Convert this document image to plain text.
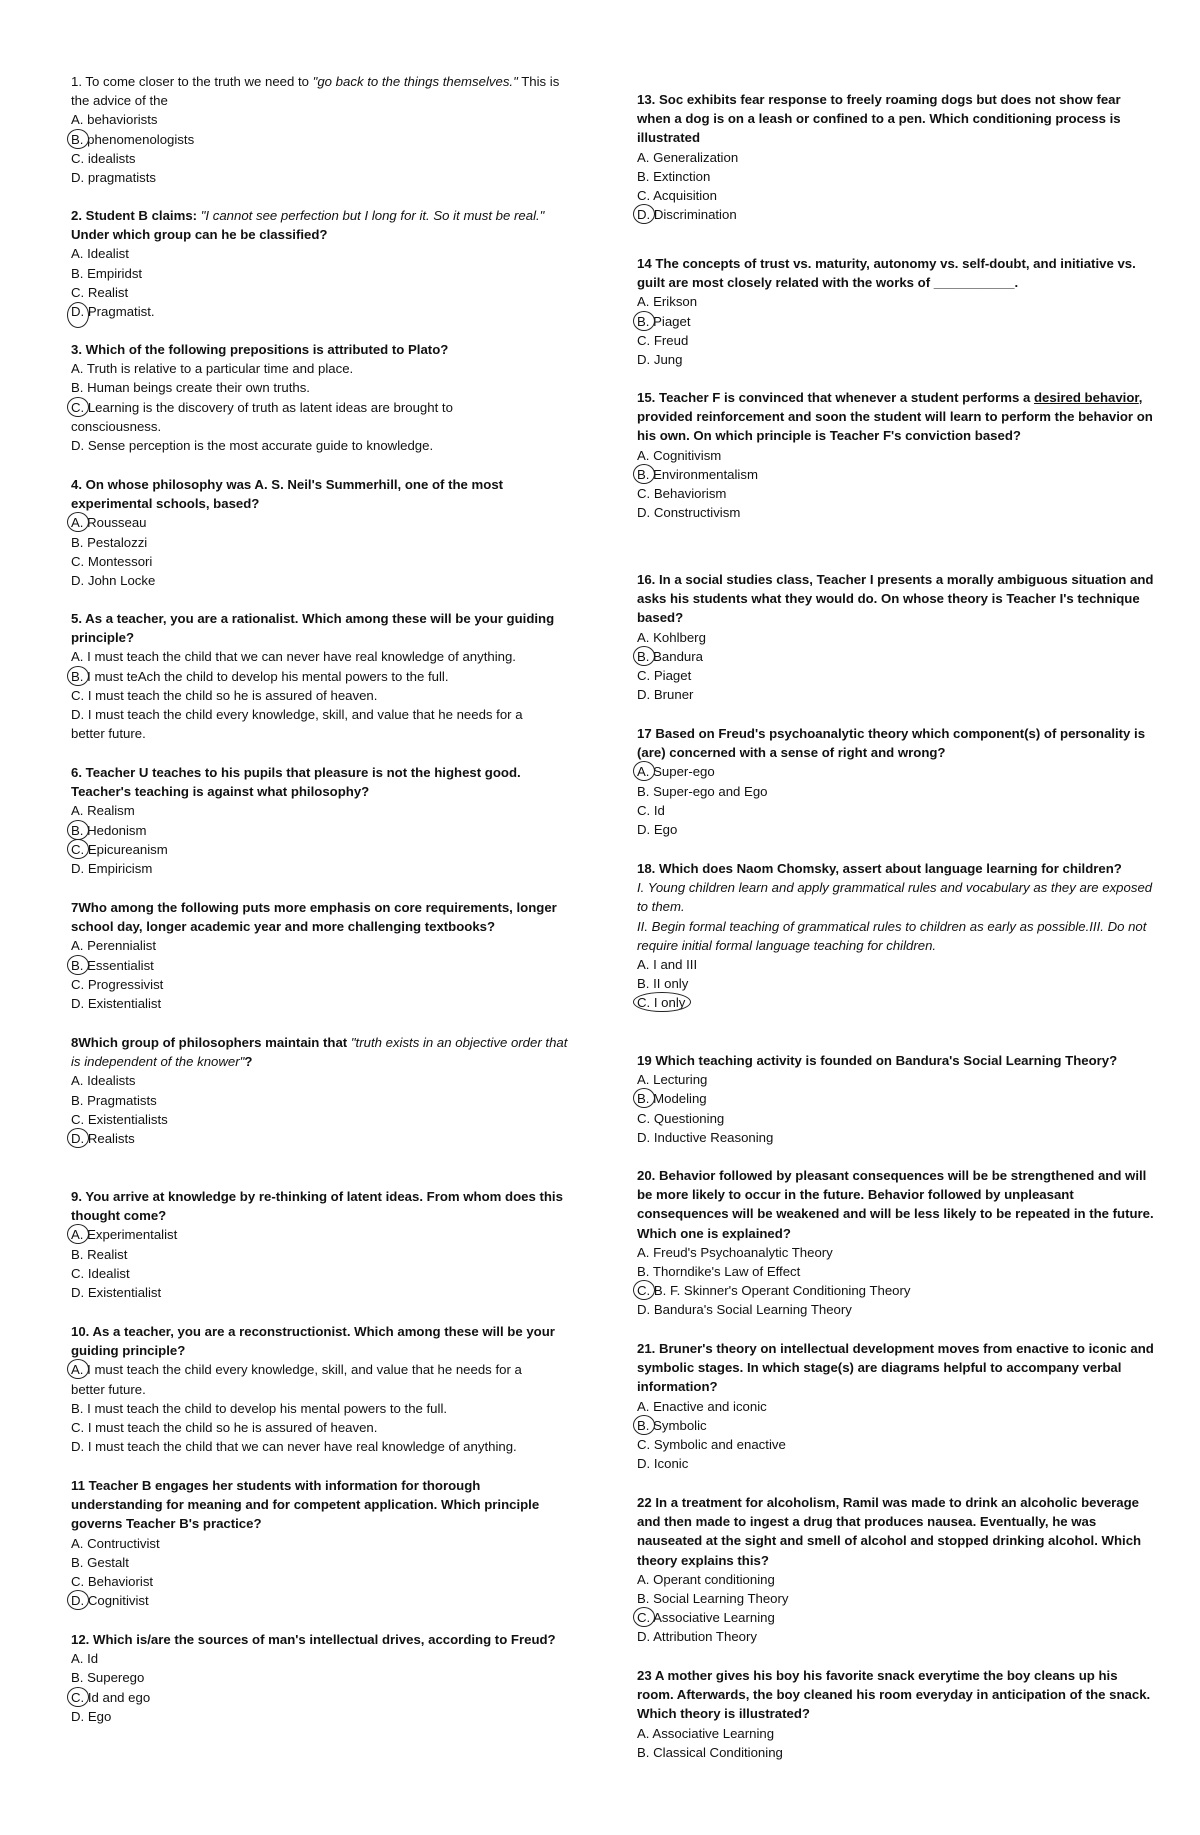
1. To come closer to the truth we need to "go back to the things themselves." This is the advice of the
A. behaviorists
B. phenomenologists
C. idealists
D. pragmatists
2. Student B claims: "I cannot see perfection but I long for it. So it must be real." Under which group can he be classified?
A. Idealist
B. Empiridst
C. Realist
D. Pragmatist.
3. Which of the following prepositions is attributed to Plato?
A. Truth is relative to a particular time and place.
B. Human beings create their own truths.
C. Learning is the discovery of truth as latent ideas are brought to
consciousness.
D. Sense perception is the most accurate guide to knowledge.
4. On whose philosophy was A. S. Neil's Summerhill, one of the most experimental schools, based?
A. Rousseau
B. Pestalozzi
C. Montessori
D. John Locke
5. As a teacher, you are a rationalist. Which among these will be your guiding principle?
A. I must teach the child that we can never have real knowledge of anything.
B. I must teAch the child to develop his mental powers to the full.
C. I must teach the child so he is assured of heaven.
D. I must teach the child every knowledge, skill, and value that he needs for a
better future.
6. Teacher U teaches to his pupils that pleasure is not the highest good. Teacher's teaching is against what philosophy?
A. Realism
B. Hedonism
C. Epicureanism
D. Empiricism
7Who among the following puts more emphasis on core requirements, longer school day, longer academic year and more challenging textbooks?
A. Perennialist
B. Essentialist
C. Progressivist
D. Existentialist
8Which group of philosophers maintain that "truth exists in an objective order that is independent of the knower"?
A. Idealists
B. Pragmatists
C. Existentialists
D. Realists
9. You arrive at knowledge by re-thinking of latent ideas. From whom does this thought come?
A. Experimentalist
B. Realist
C. Idealist
D. Existentialist
10. As a teacher, you are a reconstructionist. Which among these will be your guiding principle?
A. I must teach the child every knowledge, skill, and value that he needs for a
better future.
B. I must teach the child to develop his mental powers to the full.
C. I must teach the child so he is assured of heaven.
D. I must teach the child that we can never have real knowledge of anything.
11 Teacher B engages her students with information for thorough understanding for meaning and for competent application. Which principle governs Teacher B's practice?
A. Contructivist
B. Gestalt
C. Behaviorist
D. Cognitivist
12. Which is/are the sources of man's intellectual drives, according to Freud?
A. Id
B. Superego
C. Id and ego
D. Ego
13. Soc exhibits fear response to freely roaming dogs but does not show fear when a dog is on a leash or confined to a pen. Which conditioning process is illustrated
A. Generalization
B. Extinction
C. Acquisition
D. Discrimination
14 The concepts of trust vs. maturity, autonomy vs. self-doubt, and initiative vs. guilt are most closely related with the works of ___________.
A. Erikson
B. Piaget
C. Freud
D. Jung
15. Teacher F is convinced that whenever a student performs a desired behavior, provided reinforcement and soon the student will learn to perform the behavior on his own. On which principle is Teacher F's conviction based?
A. Cognitivism
B. Environmentalism
C. Behaviorism
D. Constructivism
16. In a social studies class, Teacher I presents a morally ambiguous situation and asks his students what they would do. On whose theory is Teacher I's technique based?
A. Kohlberg
B. Bandura
C. Piaget
D. Bruner
17 Based on Freud's psychoanalytic theory which component(s) of personality is (are) concerned with a sense of right and wrong?
A. Super-ego
B. Super-ego and Ego
C. Id
D. Ego
18. Which does Naom Chomsky, assert about language learning for children?
I. Young children learn and apply grammatical rules and vocabulary as they are exposed to them.
II. Begin formal teaching of grammatical rules to children as early as possible.III. Do not require initial formal language teaching for children.
A. I and III
B. II only
C. I only
19 Which teaching activity is founded on Bandura's Social Learning Theory?
A. Lecturing
B. Modeling
C. Questioning
D. Inductive Reasoning
20. Behavior followed by pleasant consequences will be be strengthened and will be more likely to occur in the future. Behavior followed by unpleasant consequences will be weakened and will be less likely to be repeated in the future. Which one is explained?
A. Freud's Psychoanalytic Theory
B. Thorndike's Law of Effect
C. B. F. Skinner's Operant Conditioning Theory
D. Bandura's Social Learning Theory
21. Bruner's theory on intellectual development moves from enactive to iconic and symbolic stages. In which stage(s) are diagrams helpful to accompany verbal information?
A. Enactive and iconic
B. Symbolic
C. Symbolic and enactive
D. Iconic
22 In a treatment for alcoholism, Ramil was made to drink an alcoholic beverage and then made to ingest a drug that produces nausea. Eventually, he was nauseated at the sight and smell of alcohol and stopped drinking alcohol. Which theory explains this?
A. Operant conditioning
B. Social Learning Theory
C. Associative Learning
D. Attribution Theory
23 A mother gives his boy his favorite snack everytime the boy cleans up his room. Afterwards, the boy cleaned his room everyday in anticipation of the snack. Which theory is illustrated?
A. Associative Learning
B. Classical Conditioning
